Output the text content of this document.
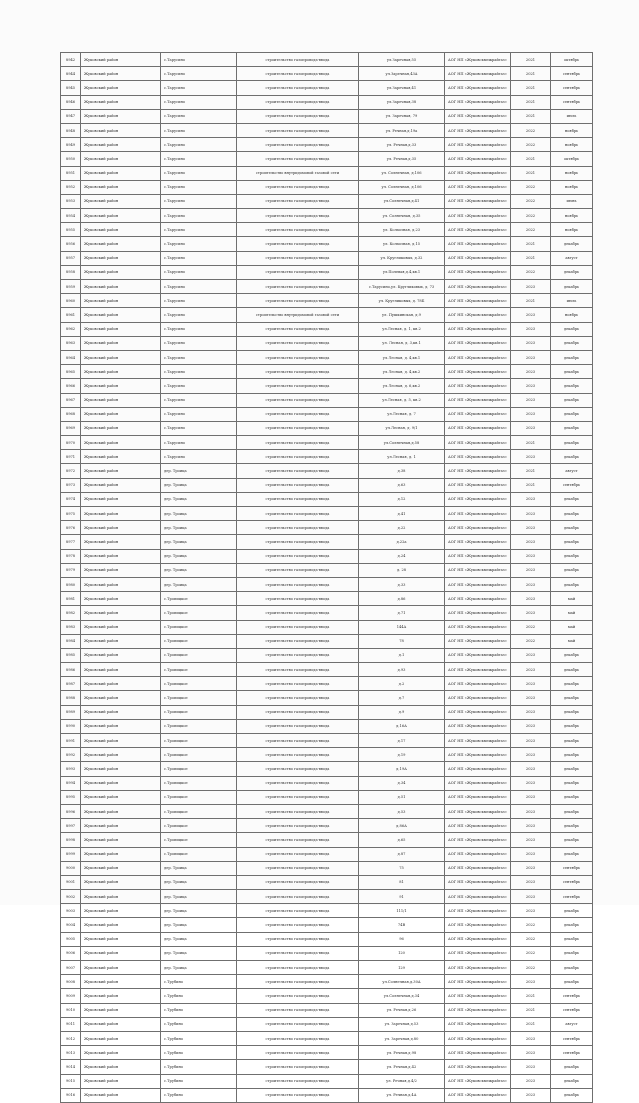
8942	Жуковский район	с.Тарусино	строительство газопровода-ввода	ул.Заречная,55	АОГ НП «Жуковскмежрайгаз»	2021	октябрь
8944	Жуковский район	с.Тарусино	строительство газопровода-ввода	ул.Заречная,43А	АОГ НП «Жуковскмежрайгаз»	2021	сентябрь
8945	Жуковский район	с.Тарусино	строительство газопровода-ввода	ул.Заречная,41	АОГ НП «Жуковскмежрайгаз»	2021	сентябрь
8946	Жуковский район	с.Тарусино	строительство газопровода-ввода	ул.Заречная,38	АОГ НП «Жуковскмежрайгаз»	2021	сентябрь
8947	Жуковский район	с.Тарусино	строительство газопровода-ввода	ул. Заречная, 79	АОГ НП «Жуковскмежрайгаз»	2021	июль
8948	Жуковский район	с.Тарусино	строительство газопровода-ввода	ул. Речная,д.19а	АОГ НП «Жуковскмежрайгаз»	2022	ноябрь
8949	Жуковский район	с.Тарусино	строительство газопровода-ввода	ул. Речная,д.33	АОГ НП «Жуковскмежрайгаз»	2022	ноябрь
8950	Жуковский район	с.Тарусино	строительство газопровода-ввода	ул. Речная,д.35	АОГ НП «Жуковскмежрайгаз»	2021	октябрь
8951	Жуковский район	с.Тарусино	строительство внутридомовой газовой сети	ул. Солнечная, д.106	АОГ НП «Жуковскмежрайгаз»	2021	ноябрь
8952	Жуковский район	с.Тарусино	строительство газопровода-ввода	ул. Солнечная, д.106	АОГ НП «Жуковскмежрайгаз»	2022	ноябрь
8953	Жуковский район	с.Тарусино	строительство газопровода-ввода	ул.Солнечная,д.41	АОГ НП «Жуковскмежрайгаз»	2022	июнь
8954	Жуковский район	с.Тарусино	строительство газопровода-ввода	ул. Солнечная, д.35	АОГ НП «Жуковскмежрайгаз»	2022	ноябрь
8955	Жуковский район	с.Тарусино	строительство газопровода-ввода	ул. Колхозная, д.23	АОГ НП «Жуковскмежрайгаз»	2022	ноябрь
8956	Жуковский район	с.Тарусино	строительство газопровода-ввода	ул. Колхозная, д.15	АОГ НП «Жуковскмежрайгаз»	2021	декабрь
8957	Жуковский район	с.Тарусино	строительство газопровода-ввода	ул. Кругликовых, д.32	АОГ НП «Жуковскмежрайгаз»	2021	август
8958	Жуковский район	с.Тарусино	строительство газопровода-ввода	ул.Полевая,д.4,кв.1	АОГ НП «Жуковскмежрайгаз»	2022	декабрь
8959	Жуковский район	с.Тарусино	строительство газопровода-ввода	с.Тарусино,ул. Кругликовых, д. 73	АОГ НП «Жуковскмежрайгаз»	2023	декабрь
8960	Жуковский район	с.Тарусино	строительство газопровода-ввода	ул. Кругликовых, д. 78Б	АОГ НП «Жуковскмежрайгаз»	2021	июль
8961	Жуковский район	с.Тарусино	строительство внутридомовой газовой сети	ул. Пушкинская, д.9	АОГ НП «Жуковскмежрайгаз»	2023	ноябрь
8962	Жуковский район	с.Тарусино	строительство газопровода-ввода	ул.Лесная, д. 1, кв.2	АОГ НП «Жуковскмежрайгаз»	2023	декабрь
8963	Жуковский район	с.Тарусино	строительство газопровода-ввода	ул. Лесная, д. 3,кв.1	АОГ НП «Жуковскмежрайгаз»	2023	декабрь
8964	Жуковский район	с.Тарусино	строительство газопровода-ввода	ул.Лесная, д. 4,кв.1	АОГ НП «Жуковскмежрайгаз»	2023	декабрь
8965	Жуковский район	с.Тарусино	строительство газопровода-ввода	ул.Лесная, д. 4,кв.2	АОГ НП «Жуковскмежрайгаз»	2023	декабрь
8966	Жуковский район	с.Тарусино	строительство газопровода-ввода	ул.Лесная, д. 6,кв.2	АОГ НП «Жуковскмежрайгаз»	2023	декабрь
8967	Жуковский район	с.Тарусино	строительство газопровода-ввода	ул.Лесная, д. 5, кв.2	АОГ НП «Жуковскмежрайгаз»	2023	декабрь
8968	Жуковский район	с.Тарусино	строительство газопровода-ввода	ул.Лесная, д. 7	АОГ НП «Жуковскмежрайгаз»	2023	декабрь
8969	Жуковский район	с.Тарусино	строительство газопровода-ввода	ул.Лесная, д. 9/1	АОГ НП «Жуковскмежрайгаз»	2023	декабрь
8970	Жуковский район	с.Тарусино	строительство газопровода-ввода	ул.Солнечная,д.58	АОГ НП «Жуковскмежрайгаз»	2021	декабрь
8971	Жуковский район	с.Тарусино	строительство газопровода-ввода	ул.Лесная, д. 1	АОГ НП «Жуковскмежрайгаз»	2023	декабрь
8972	Жуковский район	дер. Троица	строительство газопровода-ввода	д.38	АОГ НП «Жуковскмежрайгаз»	2021	август
8973	Жуковский район	дер. Троица	строительство газопровода-ввода	д.63	АОГ НП «Жуковскмежрайгаз»	2021	сентябрь
8974	Жуковский район	дер. Троица	строительство газопровода-ввода	д.12	АОГ НП «Жуковскмежрайгаз»	2023	декабрь
8975	Жуковский район	дер. Троица	строительство газопровода-ввода	д.41	АОГ НП «Жуковскмежрайгаз»	2023	декабрь
8976	Жуковский район	дер. Троица	строительство газопровода-ввода	д.22	АОГ НП «Жуковскмежрайгаз»	2023	декабрь
8977	Жуковский район	дер. Троица	строительство газопровода-ввода	д.22а	АОГ НП «Жуковскмежрайгаз»	2023	декабрь
8978	Жуковский район	дер. Троица	строительство газопровода-ввода	д.24	АОГ НП «Жуковскмежрайгаз»	2023	декабрь
8979	Жуковский район	дер. Троица	строительство газопровода-ввода	д. 28	АОГ НП «Жуковскмежрайгаз»	2023	декабрь
8980	Жуковский район	дер. Троица	строительство газопровода-ввода	д.33	АОГ НП «Жуковскмежрайгаз»	2023	декабрь
8981	Жуковский район	с.Тропицкое	строительство газопровода-ввода	д.86	АОГ НП «Жуковскмежрайгаз»	2023	май
8982	Жуковский район	с.Тропицкое	строительство газопровода-ввода	д.71	АОГ НП «Жуковскмежрайгаз»	2023	май
8983	Жуковский район	с.Тропицкое	строительство газопровода-ввода	144А	АОГ НП «Жуковскмежрайгаз»	2022	май
8984	Жуковский район	с.Тропицкое	строительство газопровода-ввода	78	АОГ НП «Жуковскмежрайгаз»	2022	май
8985	Жуковский район	с.Тропицкое	строительство газопровода-ввода	д.1	АОГ НП «Жуковскмежрайгаз»	2023	декабрь
8986	Жуковский район	с.Тропицкое	строительство газопровода-ввода	д.93	АОГ НП «Жуковскмежрайгаз»	2023	декабрь
8987	Жуковский район	с.Тропицкое	строительство газопровода-ввода	д.2	АОГ НП «Жуковскмежрайгаз»	2023	декабрь
8988	Жуковский район	с.Тропицкое	строительство газопровода-ввода	д.7	АОГ НП «Жуковскмежрайгаз»	2023	декабрь
8989	Жуковский район	с.Тропицкое	строительство газопровода-ввода	д.9	АОГ НП «Жуковскмежрайгаз»	2023	декабрь
8990	Жуковский район	с.Тропицкое	строительство газопровода-ввода	д.16А	АОГ НП «Жуковскмежрайгаз»	2023	декабрь
8991	Жуковский район	с.Тропицкое	строительство газопровода-ввода	д.17	АОГ НП «Жуковскмежрайгаз»	2023	декабрь
8992	Жуковский район	с.Тропицкое	строительство газопровода-ввода	д.19	АОГ НП «Жуковскмежрайгаз»	2023	декабрь
8993	Жуковский район	с.Тропицкое	строительство газопровода-ввода	д.19А	АОГ НП «Жуковскмежрайгаз»	2023	декабрь
8994	Жуковский район	с.Тропицкое	строительство газопровода-ввода	д.34	АОГ НП «Жуковскмежрайгаз»	2023	декабрь
8995	Жуковский район	с.Тропицкое	строительство газопровода-ввода	д.51	АОГ НП «Жуковскмежрайгаз»	2023	декабрь
8996	Жуковский район	с.Тропицкое	строительство газопровода-ввода	д.53	АОГ НП «Жуковскмежрайгаз»	2023	декабрь
8997	Жуковский район	с.Тропицкое	строительство газопровода-ввода	д.86А	АОГ НП «Жуковскмежрайгаз»	2023	декабрь
8998	Жуковский район	с.Тропицкое	строительство газопровода-ввода	д.65	АОГ НП «Жуковскмежрайгаз»	2023	декабрь
8999	Жуковский район	с.Тропицкое	строительство газопровода-ввода	д.87	АОГ НП «Жуковскмежрайгаз»	2023	декабрь
9000	Жуковский район	дер. Троица	строительство газопровода-ввода	75	АОГ НП «Жуковскмежрайгаз»	2023	сентябрь
9001	Жуковский район	дер. Троица	строительство газопровода-ввода	81	АОГ НП «Жуковскмежрайгаз»	2023	сентябрь
9002	Жуковский район	дер. Троица	строительство газопровода-ввода	91	АОГ НП «Жуковскмежрайгаз»	2023	сентябрь
9003	Жуковский район	дер. Троица	строительство газопровода-ввода	111/1	АОГ НП «Жуковскмежрайгаз»	2023	декабрь
9004	Жуковский район	дер. Троица	строительство газопровода-ввода	74В	АОГ НП «Жуковскмежрайгаз»	2022	декабрь
9005	Жуковский район	дер. Троица	строительство газопровода-ввода	96	АОГ НП «Жуковскмежрайгаз»	2022	декабрь
9006	Жуковский район	дер. Троица	строительство газопровода-ввода	120	АОГ НП «Жуковскмежрайгаз»	2022	декабрь
9007	Жуковский район	дер. Троица	строительство газопровода-ввода	129	АОГ НП «Жуковскмежрайгаз»	2022	декабрь
9008	Жуковский район	с.Трубино	строительство газопровода-ввода	ул.Солнечная,д.30А	АОГ НП «Жуковскмежрайгаз»	2023	декабрь
9009	Жуковский район	с.Трубино	строительство газопровода-ввода	ул.Солнечная,д.34	АОГ НП «Жуковскмежрайгаз»	2021	сентябрь
9010	Жуковский район	с.Трубино	строительство газопровода-ввода	ул. Речная,д.26	АОГ НП «Жуковскмежрайгаз»	2021	сентябрь
9011	Жуковский район	с.Трубино	строительство газопровода-ввода	ул. Заречная,д.53	АОГ НП «Жуковскмежрайгаз»	2021	август
9012	Жуковский район	с.Трубино	строительство газопровода-ввода	ул. Заречная,д.80	АОГ НП «Жуковскмежрайгаз»	2023	сентябрь
9013	Жуковский район	с.Трубино	строительство газопровода-ввода	ул. Речная,д.98	АОГ НП «Жуковскмежрайгаз»	2023	сентябрь
9014	Жуковский район	с.Трубино	строительство газопровода-ввода	ул. Речная,д.42	АОГ НП «Жуковскмежрайгаз»	2023	декабрь
9015	Жуковский район	с.Трубино	строительство газопровода-ввода	ул. Речная,д.4/2	АОГ НП «Жуковскмежрайгаз»	2023	декабрь
9016	Жуковский район	с.Трубино	строительство газопровода-ввода	ул. Речная,д.4А	АОГ НП «Жуковскмежрайгаз»	2023	декабрь
